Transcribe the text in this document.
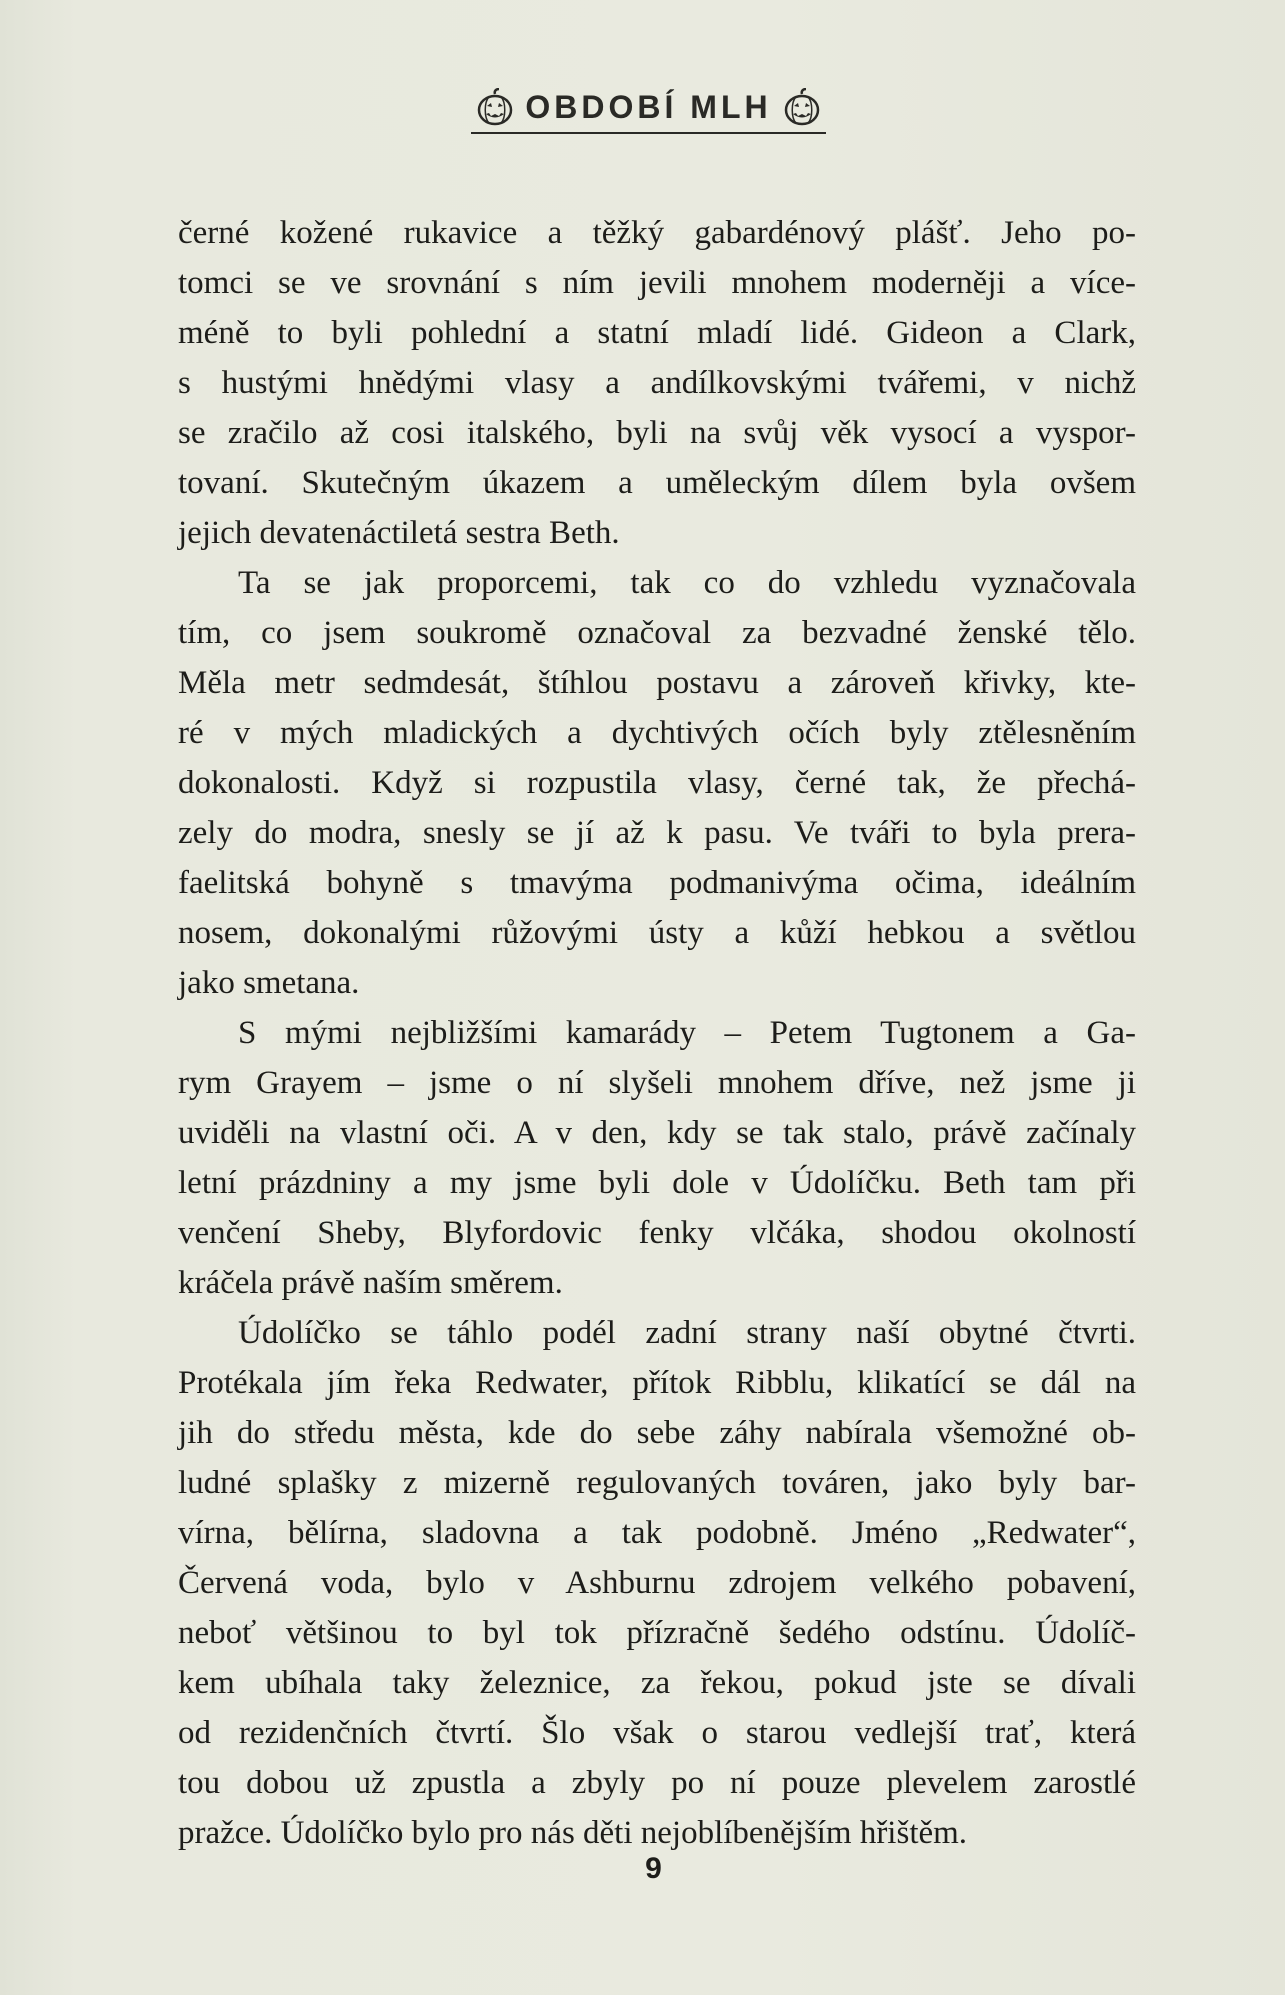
OBDOBÍ MLH

černé kožené rukavice a těžký gabardénový plášť. Jeho po-

tomci se ve srovnání s ním jevili mnohem moderněji a více-

méně to byli pohlední a statní mladí lidé. Gideon a Clark,

s hustými hnědými vlasy a andílkovskými tvářemi, v nichž

se zračilo až cosi italského, byli na svůj věk vysocí a vyspor-

tovaní. Skutečným úkazem a uměleckým dílem byla ovšem

jejich devatenáctiletá sestra Beth.

Ta se jak proporcemi, tak co do vzhledu vyznačovala

tím, co jsem soukromě označoval za bezvadné ženské tělo.

Měla metr sedmdesát, štíhlou postavu a zároveň křivky, kte-

ré v mých mladických a dychtivých očích byly ztělesněním

dokonalosti. Když si rozpustila vlasy, černé tak, že přechá-

zely do modra, snesly se jí až k pasu. Ve tváři to byla prera-

faelitská bohyně s tmavýma podmanivýma očima, ideálním

nosem, dokonalými růžovými ústy a kůží hebkou a světlou

jako smetana.

S mými nejbližšími kamarády – Petem Tugtonem a Ga-

rym Grayem – jsme o ní slyšeli mnohem dříve, než jsme ji

uviděli na vlastní oči. A v den, kdy se tak stalo, právě začínaly

letní prázdniny a my jsme byli dole v Údolíčku. Beth tam při

venčení Sheby, Blyfordovic fenky vlčáka, shodou okolností

kráčela právě naším směrem.

Údolíčko se táhlo podél zadní strany naší obytné čtvrti.

Protékala jím řeka Redwater, přítok Ribblu, klikatící se dál na

jih do středu města, kde do sebe záhy nabírala všemožné ob-

ludné splašky z mizerně regulovaných továren, jako byly bar-

vírna, bělírna, sladovna a tak podobně. Jméno „Redwater“,

Červená voda, bylo v Ashburnu zdrojem velkého pobavení,

neboť většinou to byl tok přízračně šedého odstínu. Údolíč-

kem ubíhala taky železnice, za řekou, pokud jste se dívali

od rezidenčních čtvrtí. Šlo však o starou vedlejší trať, která

tou dobou už zpustla a zbyly po ní pouze plevelem zarostlé

pražce. Údolíčko bylo pro nás děti nejoblíbenějším hřištěm.

9
